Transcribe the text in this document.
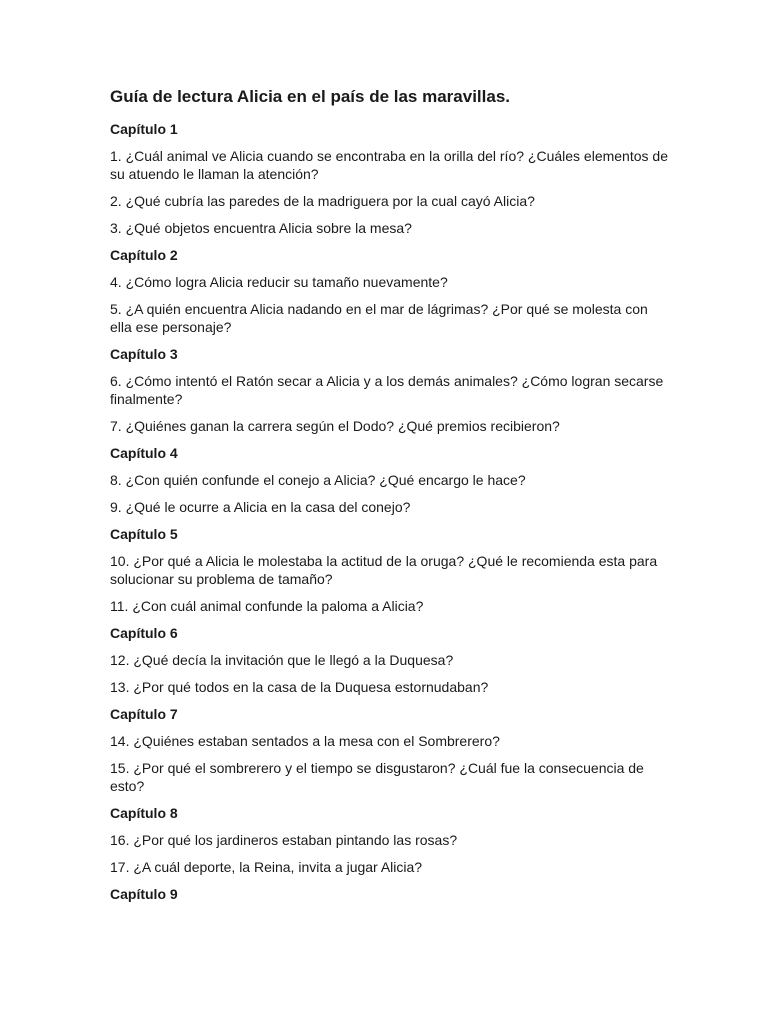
Guía de lectura Alicia en el país de las maravillas.
Capítulo 1
1. ¿Cuál animal ve Alicia cuando se encontraba en la orilla del río? ¿Cuáles elementos de su atuendo le llaman la atención?
2. ¿Qué cubría las paredes de la madriguera por la cual cayó Alicia?
3. ¿Qué objetos encuentra Alicia sobre la mesa?
Capítulo 2
4. ¿Cómo logra Alicia reducir su tamaño nuevamente?
5. ¿A quién encuentra Alicia nadando en el mar de lágrimas? ¿Por qué se molesta con ella ese personaje?
Capítulo 3
6. ¿Cómo intentó el Ratón secar a Alicia y a los demás animales? ¿Cómo logran secarse finalmente?
7. ¿Quiénes ganan la carrera según el Dodo? ¿Qué premios recibieron?
Capítulo 4
8. ¿Con quién confunde el conejo a Alicia? ¿Qué encargo le hace?
9. ¿Qué le ocurre a Alicia en la casa del conejo?
Capítulo 5
10. ¿Por qué a Alicia le molestaba la actitud de la oruga? ¿Qué le recomienda esta para solucionar su problema de tamaño?
11. ¿Con cuál animal confunde la paloma a Alicia?
Capítulo 6
12. ¿Qué decía la invitación que le llegó a la Duquesa?
13. ¿Por qué todos en la casa de la Duquesa estornudaban?
Capítulo 7
14. ¿Quiénes estaban sentados a la mesa con el Sombrerero?
15. ¿Por qué el sombrerero y el tiempo se disgustaron? ¿Cuál fue la consecuencia de esto?
Capítulo 8
16. ¿Por qué los jardineros estaban pintando las rosas?
17. ¿A cuál deporte, la Reina, invita a jugar Alicia?
Capítulo 9
